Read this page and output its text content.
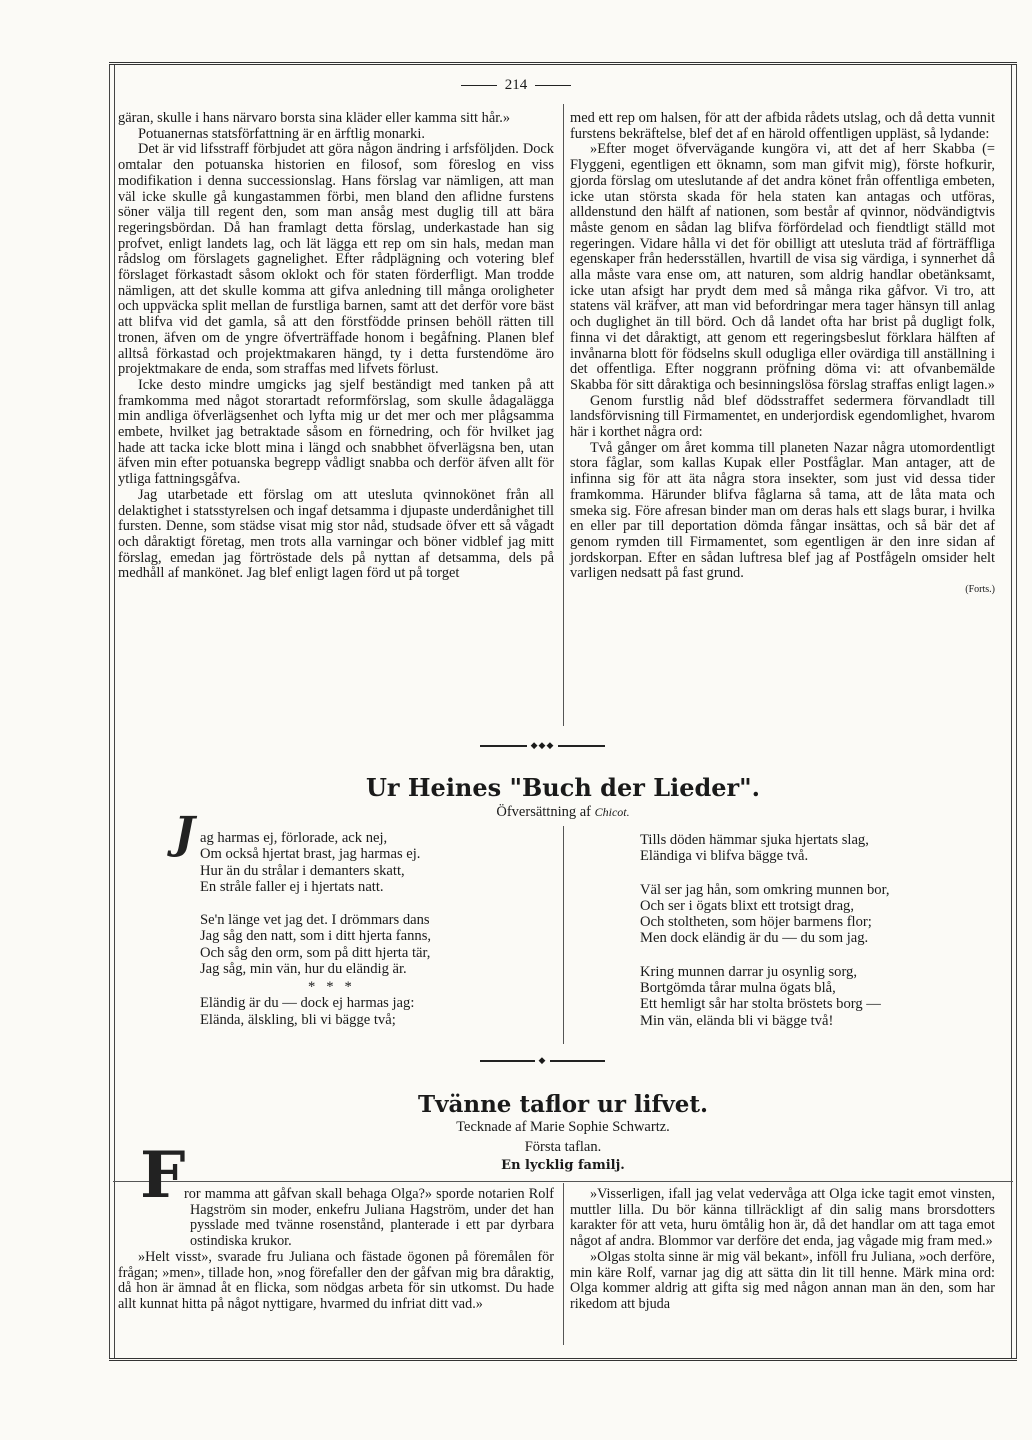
214

gäran, skulle i hans närvaro borsta sina kläder eller kamma sitt hår.»

Potuanernas statsförfattning är en ärftlig monarki.

Det är vid lifsstraff förbjudet att göra någon ändring i arfsföljden. Dock omtalar den potuanska historien en filosof, som föreslog en viss modifikation i denna successionslag. Hans förslag var nämligen, att man väl icke skulle gå kungastammen förbi, men bland den aflidne furstens söner välja till regent den, som man ansåg mest duglig till att bära regeringsbördan. Då han framlagt detta förslag, underkastade han sig profvet, enligt landets lag, och lät lägga ett rep om sin hals, medan man rådslog om förslagets gagnelighet. Efter rådplägning och votering blef förslaget förkastadt såsom oklokt och för staten förderfligt. Man trodde nämligen, att det skulle komma att gifva anledning till många oroligheter och uppväcka split mellan de furstliga barnen, samt att det derför vore bäst att blifva vid det gamla, så att den förstfödde prinsen behöll rätten till tronen, äfven om de yngre öfverträffade honom i begåfning. Planen blef alltså förkastad och projektmakaren hängd, ty i detta furstendöme äro projektmakare de enda, som straffas med lifvets förlust.

Icke desto mindre umgicks jag sjelf beständigt med tanken på att framkomma med något storartadt reformförslag, som skulle ådagalägga min andliga öfverlägsenhet och lyfta mig ur det mer och mer plågsamma embete, hvilket jag betraktade såsom en förnedring, och för hvilket jag hade att tacka icke blott mina i längd och snabbhet öfverlägsna ben, utan äfven min efter potuanska begrepp vådligt snabba och derför äfven allt för ytliga fattningsgåfva.

Jag utarbetade ett förslag om att utesluta qvinnokönet från all delaktighet i statsstyrelsen och ingaf detsamma i djupaste underdånighet till fursten. Denne, som städse visat mig stor nåd, studsade öfver ett så vågadt och dåraktigt företag, men trots alla varningar och böner vidblef jag mitt förslag, emedan jag förtröstade dels på nyttan af detsamma, dels på medhåll af mankönet. Jag blef enligt lagen förd ut på torget

med ett rep om halsen, för att der afbida rådets utslag, och då detta vunnit furstens bekräftelse, blef det af en härold offentligen uppläst, så lydande:

»Efter moget öfvervägande kungöra vi, att det af herr Skabba (= Flyggeni, egentligen ett öknamn, som man gifvit mig), förste hofkurir, gjorda förslag om uteslutande af det andra könet från offentliga embeten, icke utan största skada för hela staten kan antagas och utföras, alldenstund den hälft af nationen, som består af qvinnor, nödvändigtvis måste genom en sådan lag blifva förfördelad och fiendtligt ställd mot regeringen. Vidare hålla vi det för obilligt att utesluta träd af förträffliga egenskaper från hedersställen, hvartill de visa sig värdiga, i synnerhet då alla måste vara ense om, att naturen, som aldrig handlar obetänksamt, icke utan afsigt har prydt dem med så många rika gåfvor. Vi tro, att statens väl kräfver, att man vid befordringar mera tager hänsyn till anlag och duglighet än till börd. Och då landet ofta har brist på dugligt folk, finna vi det dåraktigt, att genom ett regeringsbeslut förklara hälften af invånarna blott för födselns skull odugliga eller ovärdiga till anställning i det offentliga. Efter noggrann pröfning döma vi: att ofvanbemälde Skabba för sitt dåraktiga och besinningslösa förslag straffas enligt lagen.»

Genom furstlig nåd blef dödsstraffet sedermera förvandladt till landsförvisning till Firmamentet, en underjordisk egendomlighet, hvarom här i korthet några ord:

Två gånger om året komma till planeten Nazar några utomordentligt stora fåglar, som kallas Kupak eller Postfåglar. Man antager, att de infinna sig för att äta några stora insekter, som just vid dessa tider framkomma. Härunder blifva fåglarna så tama, att de låta mata och smeka sig. Före afresan binder man om deras hals ett slags burar, i hvilka en eller par till deportation dömda fångar insättas, och så bär det af genom rymden till Firmamentet, som egentligen är den inre sidan af jordskorpan. Efter en sådan luftresa blef jag af Postfågeln omsider helt varligen nedsatt på fast grund.

(Forts.)
◆◆◆
Ur Heines "Buch der Lieder".
Öfversättning af Chicot.
J ag harmas ej, förlorade, ack nej,
Om också hjertat brast, jag harmas ej.
Hur än du strålar i demanters skatt,
En stråle faller ej i hjertats natt.
Se'n länge vet jag det. I drömmars dans
Jag såg den natt, som i ditt hjerta fanns,
Och såg den orm, som på ditt hjerta tär,
Jag såg, min vän, hur du eländig är.
*   *   *
Eländig är du — dock ej harmas jag:
Elända, älskling, bli vi bägge två;
Tills döden hämmar sjuka hjertats slag,
Eländiga vi blifva bägge två.
Väl ser jag hån, som omkring munnen bor,
Och ser i ögats blixt ett trotsigt drag,
Och stoltheten, som höjer barmens flor;
Men dock eländig är du — du som jag.
Kring munnen darrar ju osynlig sorg,
Bortgömda tårar mulna ögats blå,
Ett hemligt sår har stolta bröstets borg —
Min vän, elända bli vi bägge två!
◆
Tvänne taflor ur lifvet.
Tecknade af Marie Sophie Schwartz.
Första taflan.
En lycklig familj.
F

ror mamma att gåfvan skall behaga Olga?» sporde notarien Rolf Hagström sin moder, enkefru Juliana Hagström, under det han pysslade med tvänne rosenstånd, planterade i ett par dyrbara ostindiska krukor.

»Helt visst», svarade fru Juliana och fästade ögonen på föremålen för frågan; »men», tillade hon, »nog förefaller den der gåfvan mig bra dåraktig, då hon är ämnad åt en flicka, som nödgas arbeta för sin utkomst. Du hade allt kunnat hitta på något nyttigare, hvarmed du infriat ditt vad.»

»Visserligen, ifall jag velat vedervåga att Olga icke tagit emot vinsten, muttler lilla. Du bör känna tillräckligt af din salig mans brorsdotters karakter för att veta, huru ömtålig hon är, då det handlar om att taga emot något af andra. Blommor var derföre det enda, jag vågade mig fram med.»

»Olgas stolta sinne är mig väl bekant», inföll fru Juliana, »och derföre, min käre Rolf, varnar jag dig att sätta din lit till henne. Märk mina ord: Olga kommer aldrig att gifta sig med någon annan man än den, som har rikedom att bjuda
